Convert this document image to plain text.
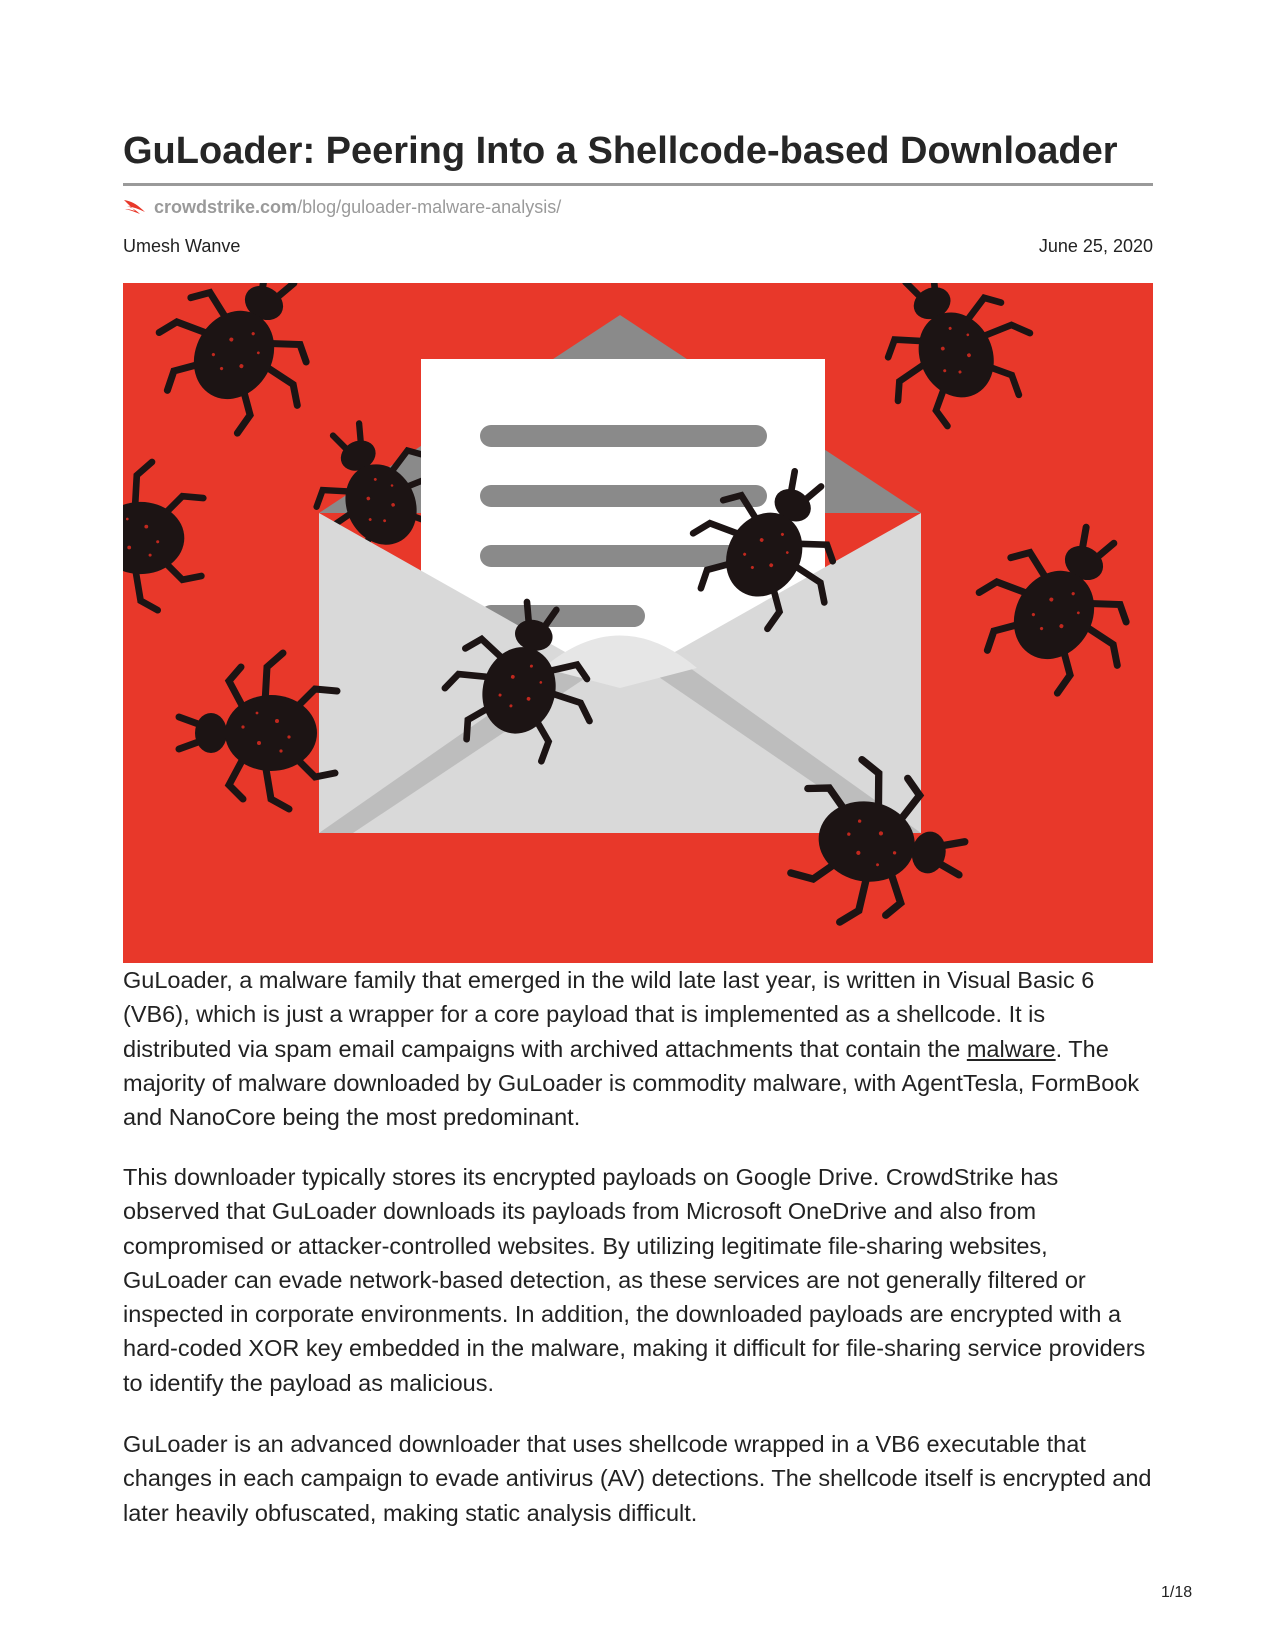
GuLoader: Peering Into a Shellcode-based Downloader
crowdstrike.com /blog/guloader-malware-analysis/
Umesh Wanve	June 25, 2020

GuLoader, a malware family that emerged in the wild late last year, is written in Visual Basic 6 (VB6), which is just a wrapper for a core payload that is implemented as a shellcode. It is distributed via spam email campaigns with archived attachments that contain the malware. The majority of malware downloaded by GuLoader is commodity malware, with AgentTesla, FormBook and NanoCore being the most predominant.

This downloader typically stores its encrypted payloads on Google Drive. CrowdStrike has observed that GuLoader downloads its payloads from Microsoft OneDrive and also from compromised or attacker-controlled websites. By utilizing legitimate file-sharing websites, GuLoader can evade network-based detection, as these services are not generally filtered or inspected in corporate environments. In addition, the downloaded payloads are encrypted with a hard-coded XOR key embedded in the malware, making it difficult for file-sharing service providers to identify the payload as malicious.

GuLoader is an advanced downloader that uses shellcode wrapped in a VB6 executable that changes in each campaign to evade antivirus (AV) detections. The shellcode itself is encrypted and later heavily obfuscated, making static analysis difficult.

1/18
